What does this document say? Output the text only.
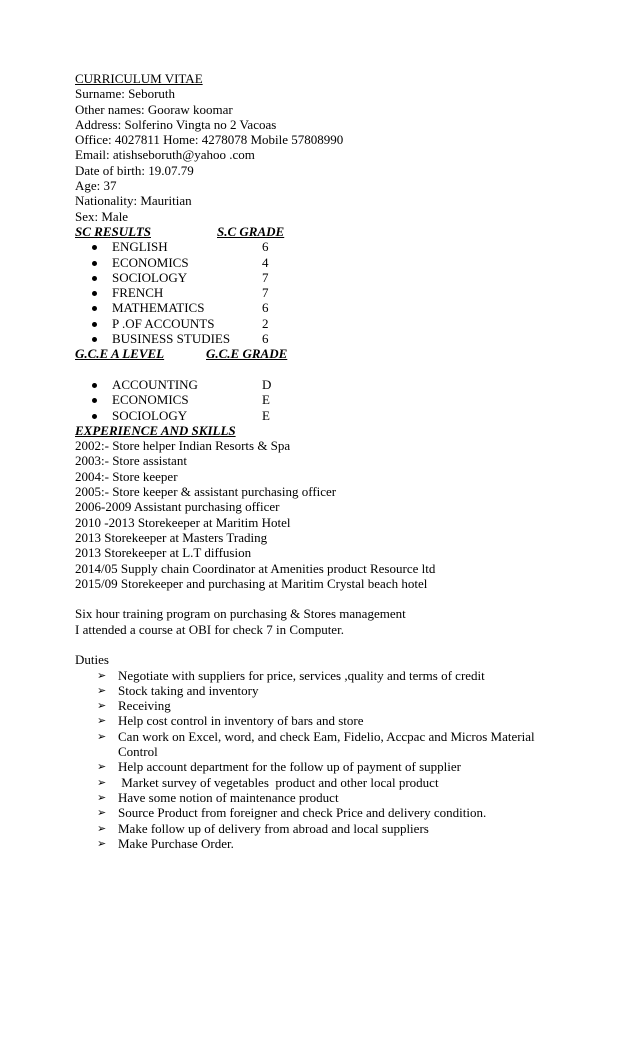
CURRICULUM VITAE
Surname: Seboruth
Other names: Gooraw koomar
Address: Solferino Vingta no 2 Vacoas
Office: 4027811 Home: 4278078 Mobile 57808990
Email: atishseboruth@yahoo .com
Date of birth: 19.07.79
Age: 37
Nationality: Mauritian
Sex: Male
SC RESULTS	S.C GRADE
ENGLISH	6
ECONOMICS	4
SOCIOLOGY	7
FRENCH	7
MATHEMATICS	6
P .OF ACCOUNTS	2
BUSINESS STUDIES 6
G.C.E A LEVEL	G.C.E GRADE
ACCOUNTING	D
ECONOMICS	E
SOCIOLOGY	E
EXPERIENCE AND SKILLS
2002:- Store helper Indian Resorts & Spa
2003:- Store assistant
2004:- Store keeper
2005:- Store keeper & assistant purchasing officer
2006-2009 Assistant purchasing officer
2010 -2013 Storekeeper at Maritim Hotel
2013 Storekeeper at Masters Trading
2013 Storekeeper at L.T diffusion
2014/05 Supply chain Coordinator at Amenities product Resource ltd
2015/09 Storekeeper and purchasing at Maritim Crystal beach hotel
Six hour training program on purchasing & Stores management
I attended a course at OBI for check 7 in Computer.
Duties
➢ Negotiate with suppliers for price, services ,quality and terms of credit
➢ Stock taking and inventory
➢ Receiving
➢ Help cost control in inventory of bars and store
➢ Can work on Excel, word, and check Eam, Fidelio, Accpac and Micros Material Control
➢ Help account department for the follow up of payment of supplier
➢ Market survey of vegetables  product and other local product
➢ Have some notion of maintenance product
➢ Source Product from foreigner and check Price and delivery condition.
➢ Make follow up of delivery from abroad and local suppliers
➢ Make Purchase Order.
